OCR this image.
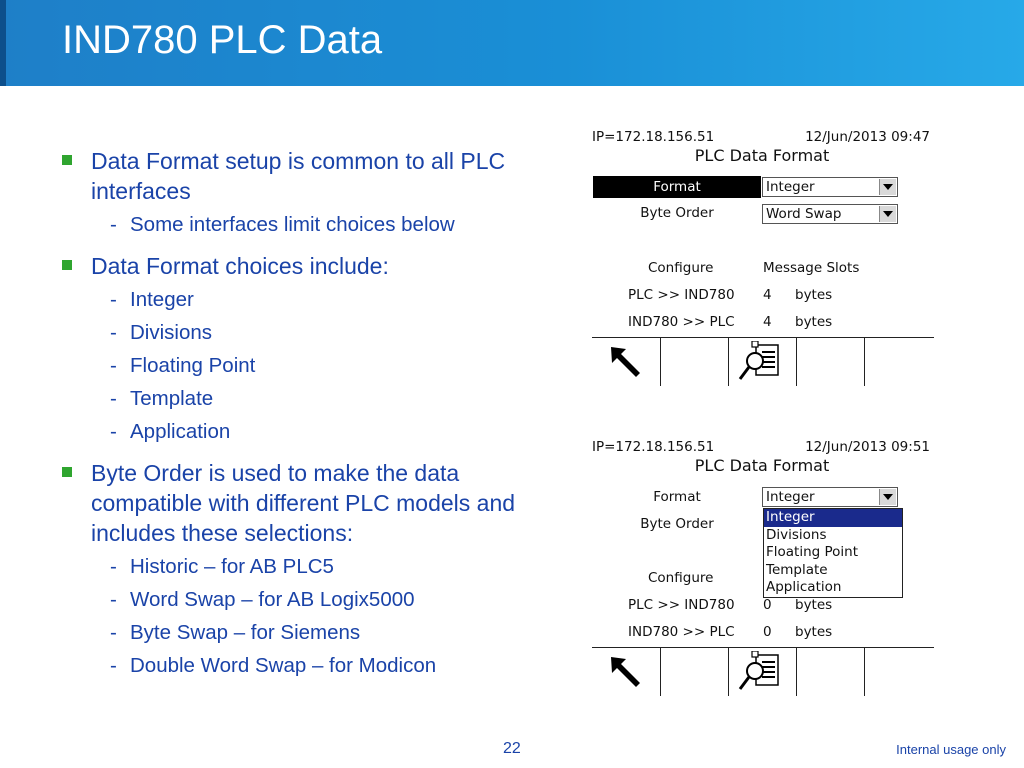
IND780 PLC Data
Data Format setup is common to all PLC interfaces
- Some interfaces limit choices below
Data Format choices include:
- Integer
- Divisions
- Floating Point
- Template
- Application
Byte Order is used to make the data compatible with different PLC models and includes these selections:
- Historic – for AB PLC5
- Word Swap – for AB Logix5000
- Byte Swap – for Siemens
- Double Word Swap – for Modicon
IP=172.18.156.51	12/Jun/2013 09:47
PLC Data Format
Format	Integer
Byte Order	Word Swap
Configure	Message Slots
PLC >> IND780 4 bytes
IND780 >> PLC 4 bytes
IP=172.18.156.51	12/Jun/2013 09:51
PLC Data Format
Format	Integer
Byte Order	Integer
Divisions
Floating Point
Template
Application
Configure
PLC >> IND780 0 bytes
IND780 >> PLC 0 bytes
22	Internal usage only
